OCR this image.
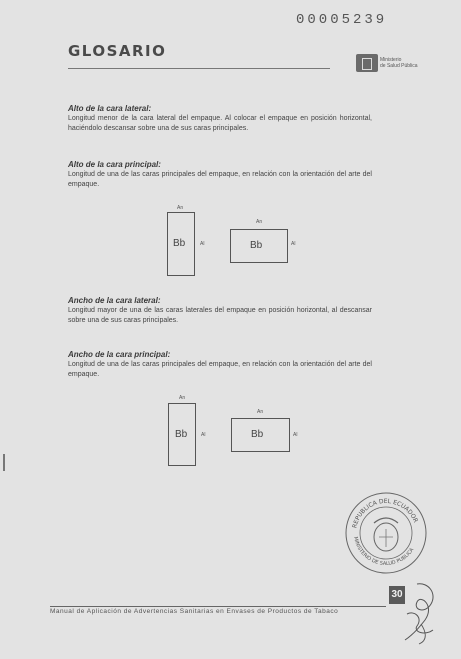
00005239
GLOSARIO	Ministerio
de Salud Pública
Alto de la cara lateral:

Longitud menor de la cara lateral del empaque. Al colocar el empaque en posición horizontal, haciéndolo descansar sobre una de sus caras principales.

Alto de la cara principal:

Longitud de una de las caras principales del empaque, en relación con la orientación del arte del empaque.

An
Bb	Al
An
Bb	Al
Ancho de la cara lateral:

Longitud mayor de una de las caras laterales del empaque en posición horizontal, al descansar sobre una de sus caras principales.

Ancho de la cara principal:

Longitud de una de las caras principales del empaque, en relación con la orientación del arte del empaque.

An
Bb	Al
An
Bb	Al
REPUBLICA DEL ECUADOR
MINISTERIO DE SALUD PUBLICA
Manual de Aplicación de Advertencias Sanitarias en Envases de Productos de Tabaco
30
